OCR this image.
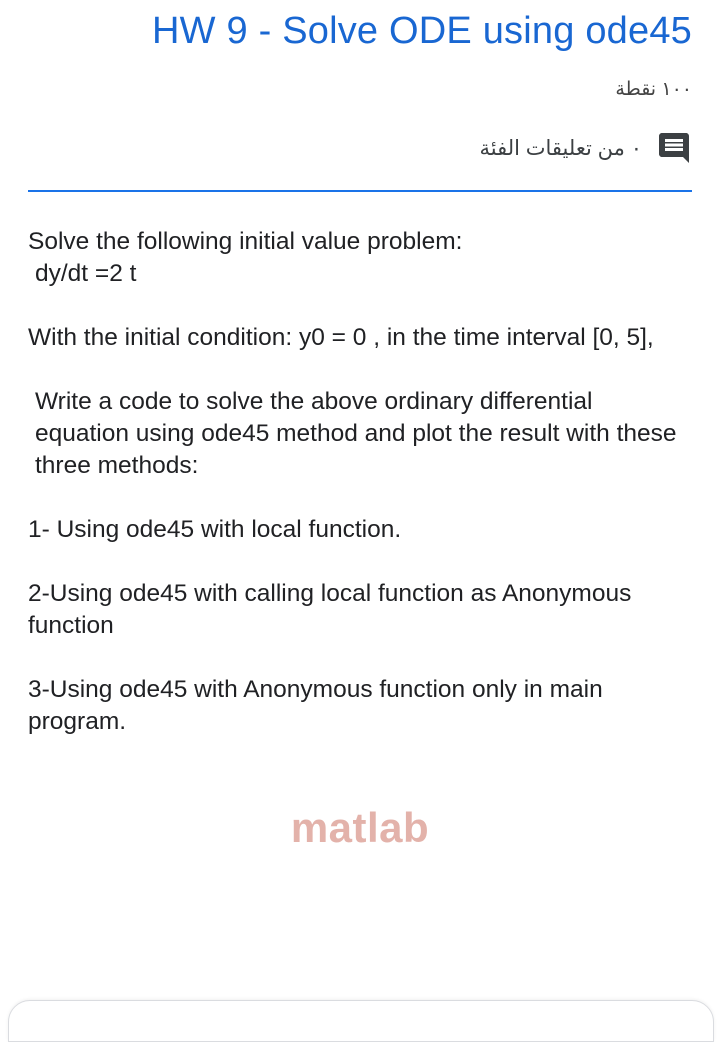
HW 9 - Solve ODE using ode45
١٠٠ نقطة
٠ من تعليقات الفئة

Solve the following initial value problem:

dy/dt =2 t

With the initial condition: y0 = 0 , in the time interval [0, 5],

Write a code to solve the above ordinary differential equation using ode45 method and plot the result with these three methods:

1- Using ode45 with local function.

2-Using ode45 with calling local function as Anonymous function

3-Using ode45 with Anonymous function only in main program.

matlab
